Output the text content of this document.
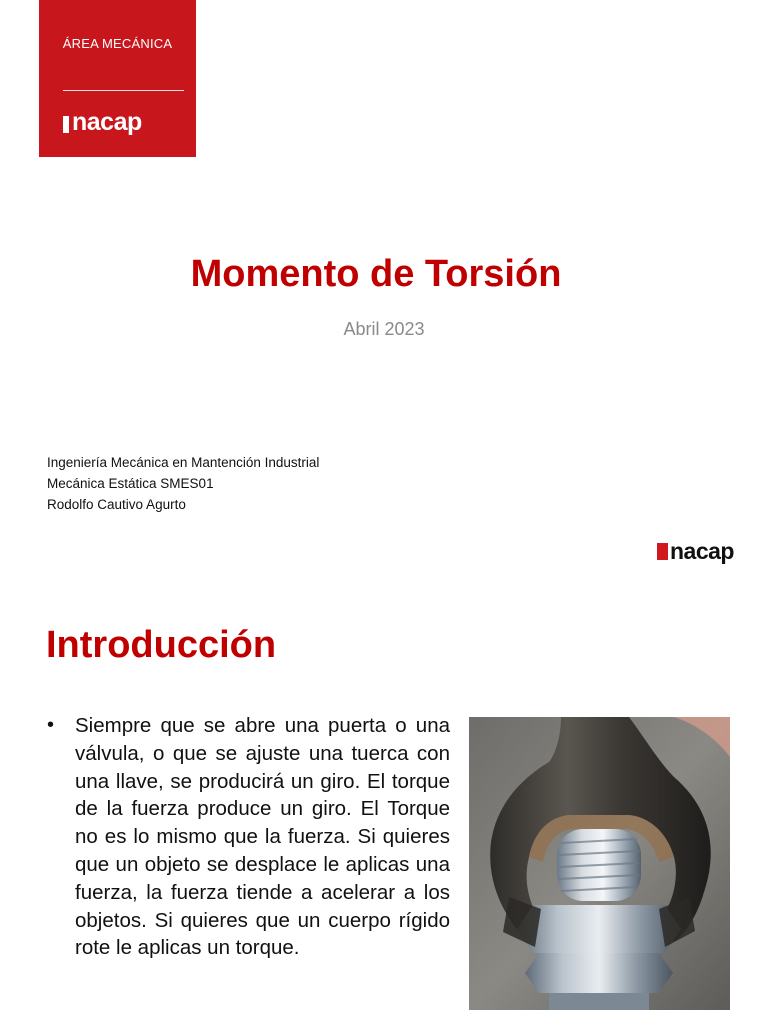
ÁREA MECÁNICA
nacap
Momento de Torsión
Abril 2023
Ingeniería Mecánica en Mantención Industrial
Mecánica Estática SMES01
Rodolfo Cautivo Agurto
nacap
Introducción
•	Siempre que se abre una puerta o una válvula, o que se ajuste una tuerca con una llave, se producirá un giro. El torque de la fuerza produce un giro. El Torque no es lo mismo que la fuerza. Si quieres que un objeto se desplace le aplicas una fuerza, la fuerza tiende a acelerar a los objetos. Si quieres que un cuerpo rígido rote le aplicas un torque.
